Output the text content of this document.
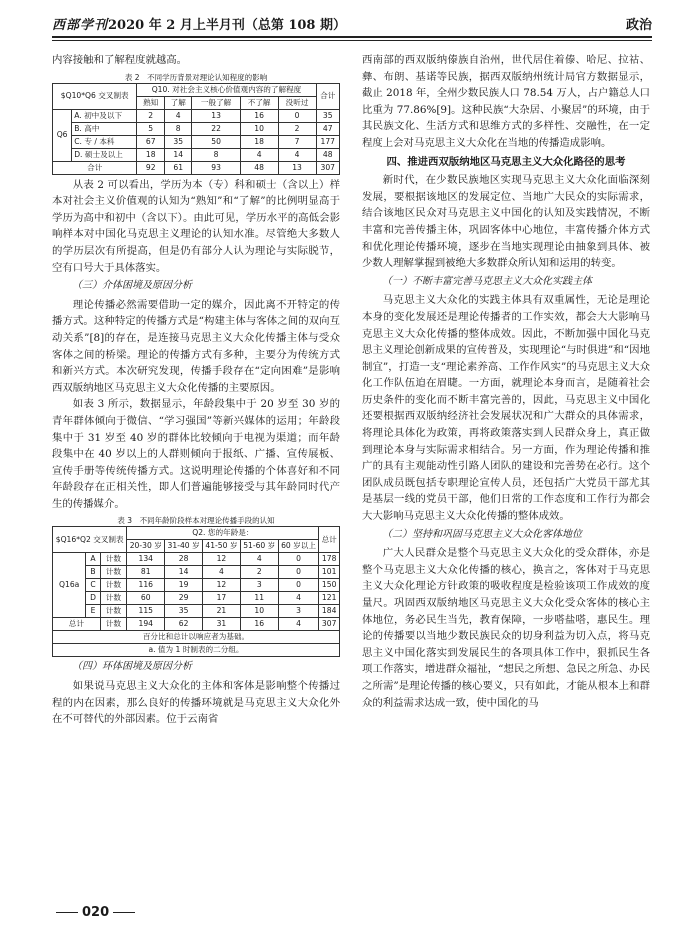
西部学刊2020 年 2 月上半月刊（总第 108 期）	政治

内容接触和了解程度就越高。

表 2　不同学历背景对理论认知程度的影响
$Q10*Q6 交叉制表		Q10. 对社会主义核心价值观内容的了解程度					合计
		熟知	了解	一般了解	不了解	没听过	
Q6	A. 初中及以下	2	4	13	16	0	35
	B. 高中	5	8	22	10	2	47
	C. 专 / 本科	67	35	50	18	7	177
	D. 硕士及以上	18	14	8	4	4	48
合计		92	61	93	48	13	307

从表 2 可以看出，学历为本（专）科和硕士（含以上）样本对社会主义价值观的认知为“熟知”和“了解”的比例明显高于学历为高中和初中（含以下）。由此可见，学历水平的高低会影响样本对中国化马克思主义理论的认知水准。尽管绝大多数人的学历层次有所提高，但是仍有部分人认为理论与实际脱节，空有口号大于具体落实。

（三）介体困境及原因分析

理论传播必然需要借助一定的媒介，因此离不开特定的传播方式。这种特定的传播方式是“构建主体与客体之间的双向互动关系”[8]的存在，是连接马克思主义大众化传播主体与受众客体之间的桥梁。理论的传播方式有多种，主要分为传统方式和新兴方式。本次研究发现，传播手段存在“定向困难”是影响西双版纳地区马克思主义大众化传播的主要原因。

如表 3 所示，数据显示，年龄段集中于 20 岁至 30 岁的青年群体倾向于微信、“学习强国”等新兴媒体的运用；年龄段集中于 31 岁至 40 岁的群体比较倾向于电视为渠道；而年龄段集中在 40 岁以上的人群则倾向于报纸、广播、宣传展板、宣传手册等传统传播方式。这说明理论传播的个体喜好和不同年龄段存在正相关性，即人们普遍能够接受与其年龄同时代产生的传播媒介。

表 3　不同年龄阶段样本对理论传播手段的认知
$Q16*Q2 交叉制表			Q2. 您的年龄是：					总计
			20-30 岁	31-40 岁	41-50 岁	51-60 岁	60 岁以上	
Q16a	A	计数	134	28	12	4	0	178
	B	计数	81	14	4	2	0	101
	C	计数	116	19	12	3	0	150
	D	计数	60	29	17	11	4	121
	E	计数	115	35	21	10	3	184
总计		计数	194	62	31	16	4	307
百分比和总计以响应者为基础。								
a. 值为 1 时制表的二分组。								
（四）环体困境及原因分析

如果说马克思主义大众化的主体和客体是影响整个传播过程的内在因素，那么良好的传播环境就是马克思主义大众化外在不可替代的外部因素。位于云南省

西南部的西双版纳傣族自治州，世代居住着傣、哈尼、拉祜、彝、布朗、基诺等民族，据西双版纳州统计局官方数据显示，截止 2018 年，全州少数民族人口 78.54 万人，占户籍总人口比重为 77.86%[9]。这种民族“大杂居、小聚居”的环境，由于其民族文化、生活方式和思维方式的多样性、交融性，在一定程度上会对马克思主义大众化在当地的传播造成影响。

四、推进西双版纳地区马克思主义大众化路径的思考

新时代，在少数民族地区实现马克思主义大众化面临深刻发展，要根据该地区的发展定位、当地广大民众的实际需求，结合该地区民众对马克思主义中国化的认知及实践情况，不断丰富和完善传播主体，巩固客体中心地位，丰富传播介体方式和优化理论传播环境，逐步在当地实现理论由抽象到具体、被少数人理解掌握到被绝大多数群众所认知和运用的转变。

（一）不断丰富完善马克思主义大众化实践主体

马克思主义大众化的实践主体具有双重属性，无论是理论本身的变化发展还是理论传播者的工作实效，都会大大影响马克思主义大众化传播的整体成效。因此，不断加强中国化马克思主义理论创新成果的宣传普及，实现理论“与时俱进”和“因地制宜”，打造一支“理论素养高、工作作风实”的马克思主义大众化工作队伍迫在眉睫。一方面，就理论本身而言，是随着社会历史条件的变化而不断丰富完善的，因此，马克思主义中国化还要根据西双版纳经济社会发展状况和广大群众的具体需求，将理论具体化为政策，再将政策落实到人民群众身上，真正做到理论本身与实际需求相结合。另一方面，作为理论传播和推广的具有主观能动性引路人团队的建设和完善势在必行。这个团队成员既包括专职理论宣传人员，还包括广大党员干部尤其是基层一线的党员干部，他们日常的工作态度和工作行为都会大大影响马克思主义大众化传播的整体成效。

（二）坚持和巩固马克思主义大众化客体地位

广大人民群众是整个马克思主义大众化的受众群体，亦是整个马克思主义大众化传播的核心，换言之，客体对于马克思主义大众化理论方针政策的吸收程度是检验该项工作成效的度量尺。巩固西双版纳地区马克思主义大众化受众客体的核心主体地位，务必民生当先，教育保障，一步嗒盐嗒，惠民生。理论的传播要以当地少数民族民众的切身利益为切入点，将马克思主义中国化落实到发展民生的各项具体工作中，狠抓民生各项工作落实，增进群众福祉，“想民之所想、急民之所急、办民之所需”是理论传播的核心要义，只有如此，才能从根本上和群众的利益需求达成一致，使中国化的马

020
